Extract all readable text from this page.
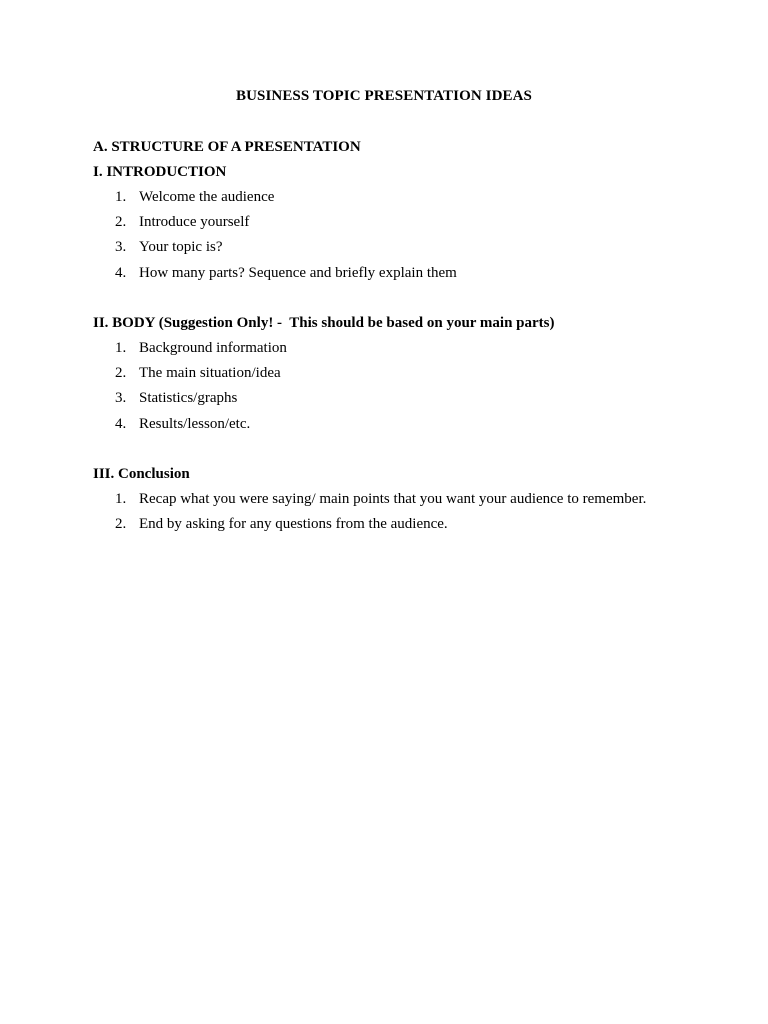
BUSINESS TOPIC PRESENTATION IDEAS
A. STRUCTURE OF A PRESENTATION
I. INTRODUCTION
1. Welcome the audience
2. Introduce yourself
3. Your topic is?
4. How many parts? Sequence and briefly explain them
II. BODY (Suggestion Only! -  This should be based on your main parts)
1. Background information
2. The main situation/idea
3. Statistics/graphs
4. Results/lesson/etc.
III. Conclusion
1. Recap what you were saying/ main points that you want your audience to remember.
2. End by asking for any questions from the audience.
